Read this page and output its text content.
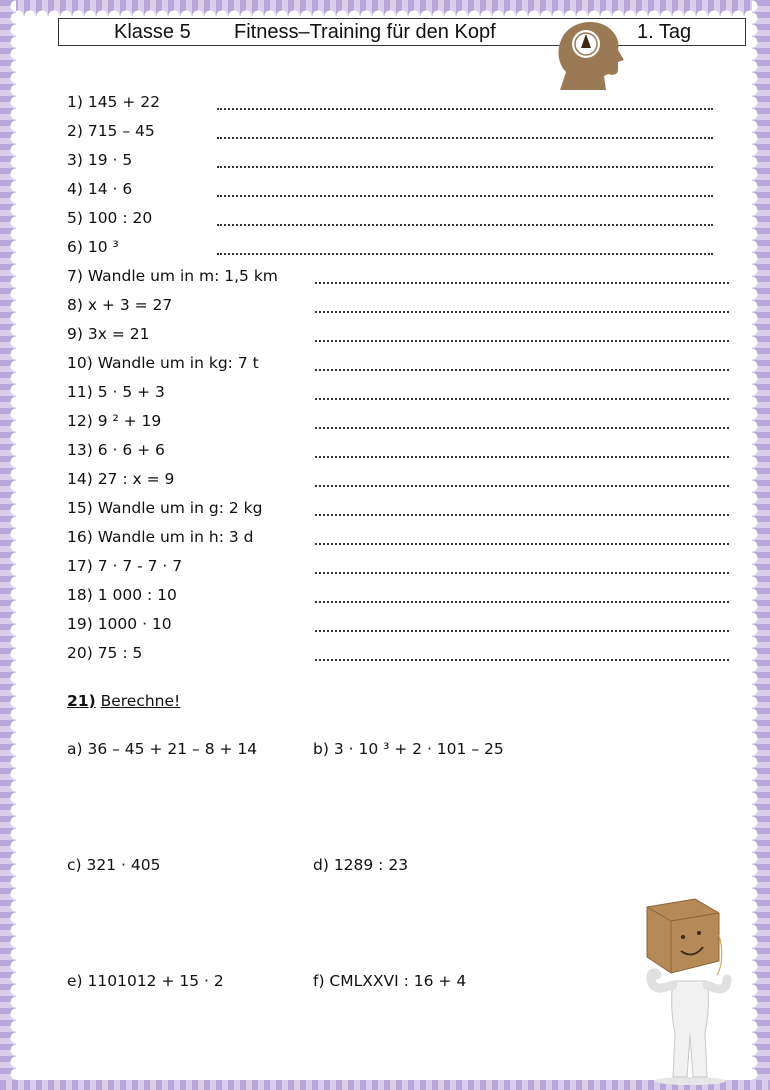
Klasse 5 Fitness–Training für den Kopf	1. Tag
1) 145 + 22
2) 715 – 45
3) 19 · 5
4) 14 · 6
5) 100 : 20
6) 10 ³
7) Wandle um in m: 1,5 km
8) x + 3 = 27
9) 3x = 21
10) Wandle um in kg: 7 t
11) 5 · 5 + 3
12) 9 ² + 19
13) 6 · 6 + 6
14) 27 : x = 9
15) Wandle um in g: 2 kg
16) Wandle um in h: 3 d
17) 7 · 7 - 7 · 7
18) 1 000 : 10
19) 1000 · 10
20) 75 : 5
21) Berechne!
a) 36 – 45 + 21 – 8 + 14	b) 3 · 10 ³ + 2 · 101 – 25
c) 321 · 405	d) 1289 : 23
e) 1101012 + 15 · 2	f) CMLXXVI : 16 + 4
